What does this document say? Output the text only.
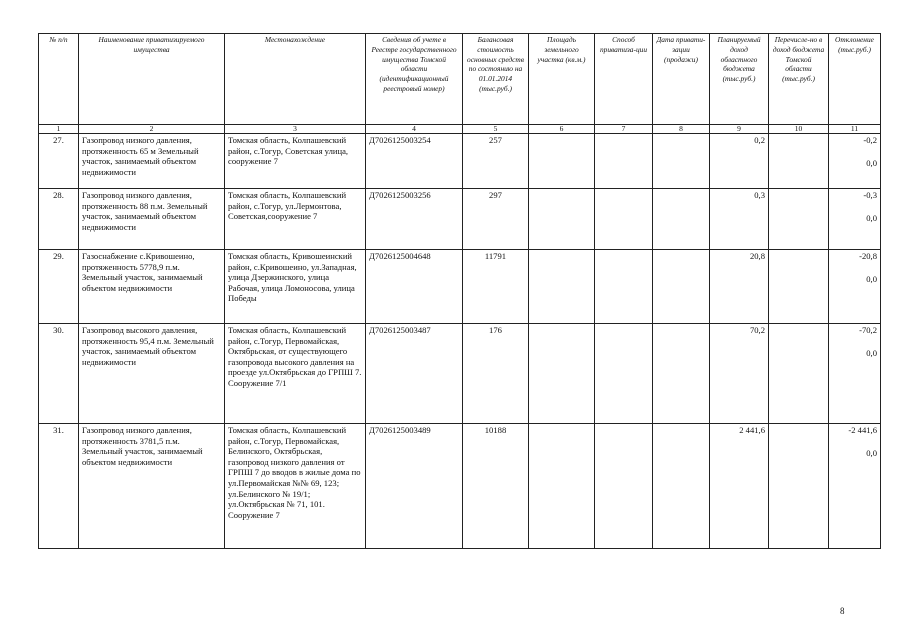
№ п/п	Наименование приватизируемого имущества	Местонахождение	Сведения об учете в Реестре государственного имущества Томской области (идентификационный реестровый номер)	Балансовая стоимость основных средств по состоянию на 01.01.2014 (тыс.руб.)	Площадь земельного участка (кв.м.)	Способ приватиза-ции	Дата привати-зации (продажи)	Планируемый доход областного бюджета (тыс.руб.)	Перечисле-но в доход бюджета Томской области (тыс.руб.)	Отклонение (тыс.руб.)
1	2	3	4	5	6	7	8	9	10	11
27.	Газопровод низкого давления, протяженность 65 м Земельный участок, занимаемый объектом недвижимости	Томская область, Колпашевский район, с.Тогур, Советская улица, сооружение 7	Д7026125003254	257				0,2		-0,2
0,0

28.	Газопровод низкого давления, протяженность 88 п.м. Земельный участок, занимаемый объектом недвижимости	Томская область, Колпашевский район, с.Тогур, ул.Лермонтова, Советская,сооружение 7	Д7026125003256	297				0,3		-0,3
0,0

29.	Газоснабжение с.Кривошеино, протяженность 5778,9 п.м. Земельный участок, занимаемый объектом недвижимости	Томская область, Кривошеинский район, с.Кривошеино, ул.Западная, улица Дзержинского, улица Рабочая, улица Ломоносова, улица Победы	Д7026125004648	11791				20,8		-20,8
0,0

30.	Газопровод высокого давления, протяженность 95,4 п.м. Земельный участок, занимаемый объектом недвижимости	Томская область, Колпашевский район, с.Тогур, Первомайская, Октябрьская, от существующего газопровода высокого давления на проезде ул.Октябрьская до ГРПШ 7. Сооружение 7/1	Д7026125003487	176				70,2		-70,2
0,0

31.	Газопровод низкого давления, протяженность 3781,5 п.м. Земельный участок, занимаемый объектом недвижимости	Томская область, Колпашевский район, с.Тогур, Первомайская, Белинского, Октябрьская, газопровод низкого давления от ГРПШ 7 до вводов в жилые дома по ул.Первомайская №№ 69, 123; ул.Белинского № 19/1; ул.Октябрьская № 71, 101. Сооружение 7	Д7026125003489	10188				2 441,6		-2 441,6
0,0
8
